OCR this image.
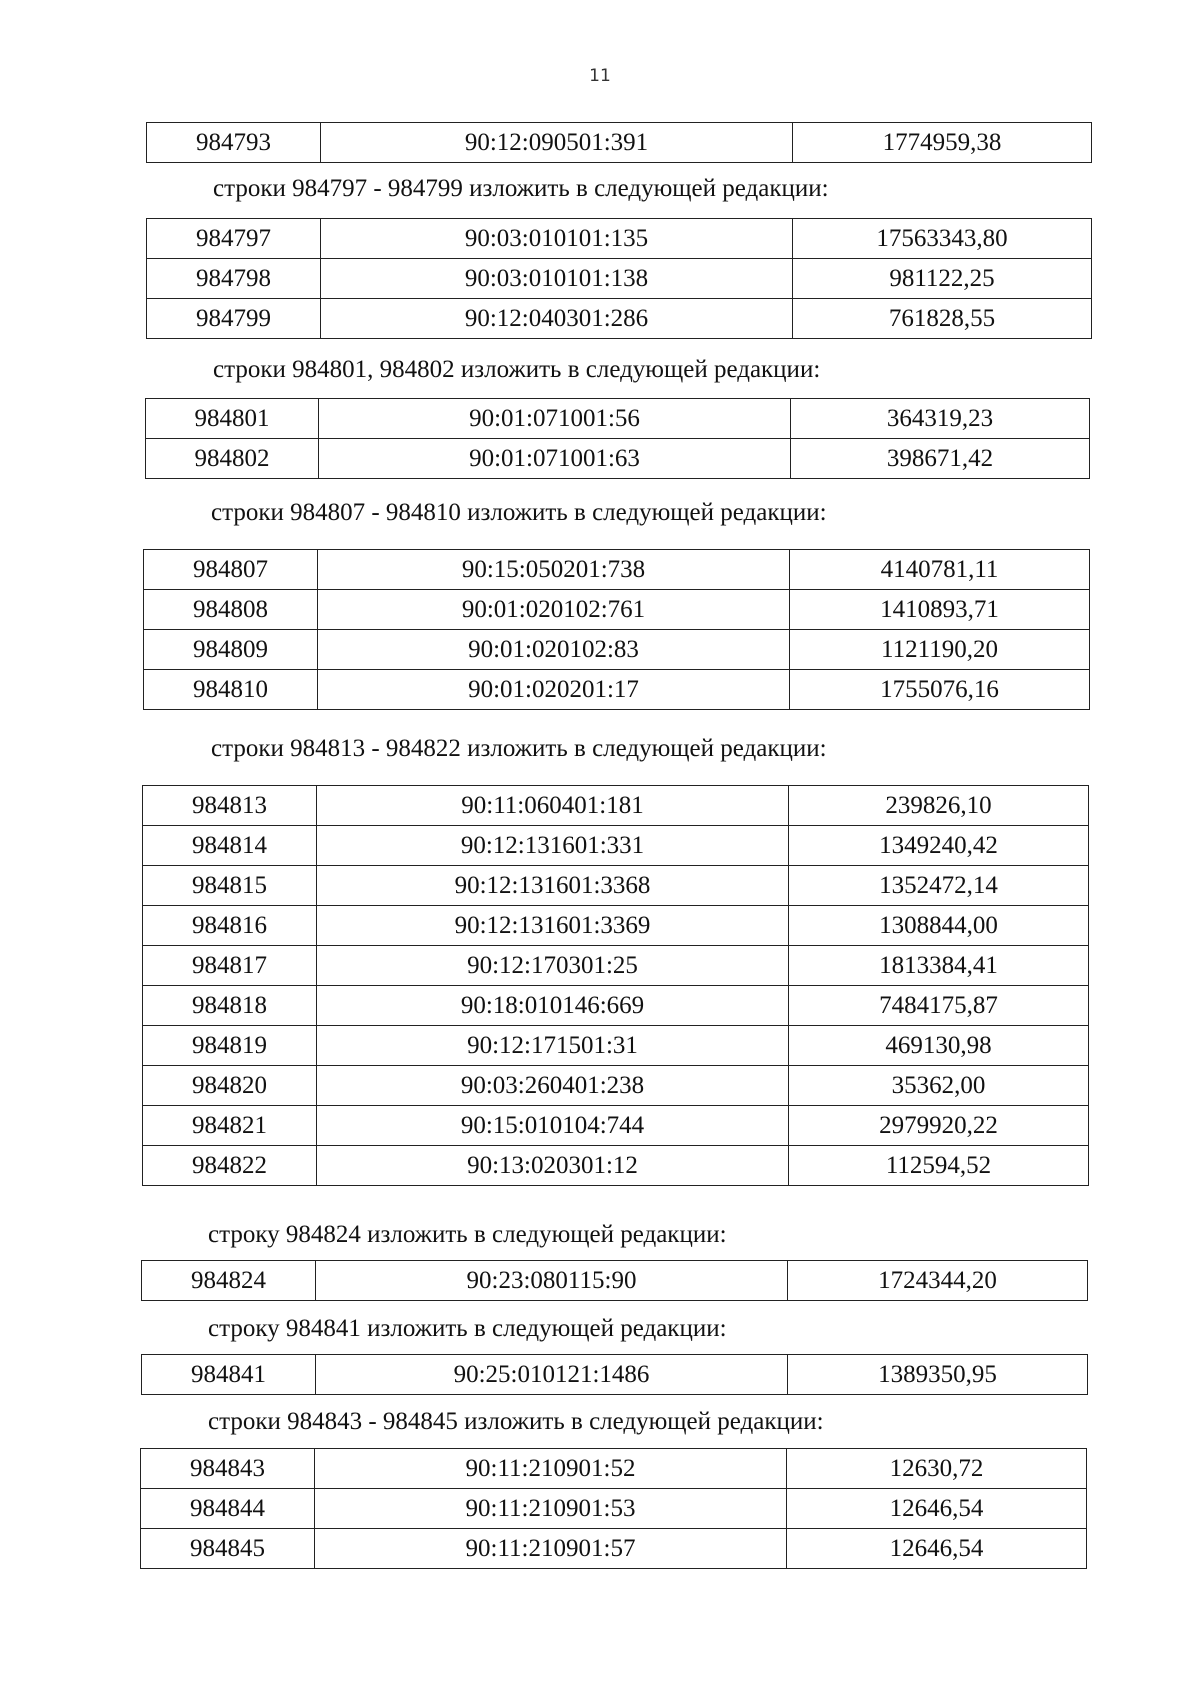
11
984793	90:12:090501:391	1774959,38
строки 984797 - 984799 изложить в следующей редакции:
984797	90:03:010101:135	17563343,80
984798	90:03:010101:138	981122,25
984799	90:12:040301:286	761828,55
строки 984801, 984802 изложить в следующей редакции:
984801	90:01:071001:56	364319,23
984802	90:01:071001:63	398671,42
строки 984807 - 984810 изложить в следующей редакции:
984807	90:15:050201:738	4140781,11
984808	90:01:020102:761	1410893,71
984809	90:01:020102:83	1121190,20
984810	90:01:020201:17	1755076,16
строки 984813 - 984822 изложить в следующей редакции:
984813	90:11:060401:181	239826,10
984814	90:12:131601:331	1349240,42
984815	90:12:131601:3368	1352472,14
984816	90:12:131601:3369	1308844,00
984817	90:12:170301:25	1813384,41
984818	90:18:010146:669	7484175,87
984819	90:12:171501:31	469130,98
984820	90:03:260401:238	35362,00
984821	90:15:010104:744	2979920,22
984822	90:13:020301:12	112594,52
строку 984824 изложить в следующей редакции:
984824	90:23:080115:90	1724344,20
строку 984841 изложить в следующей редакции:
984841	90:25:010121:1486	1389350,95
строки 984843 - 984845 изложить в следующей редакции:
984843	90:11:210901:52	12630,72
984844	90:11:210901:53	12646,54
984845	90:11:210901:57	12646,54
